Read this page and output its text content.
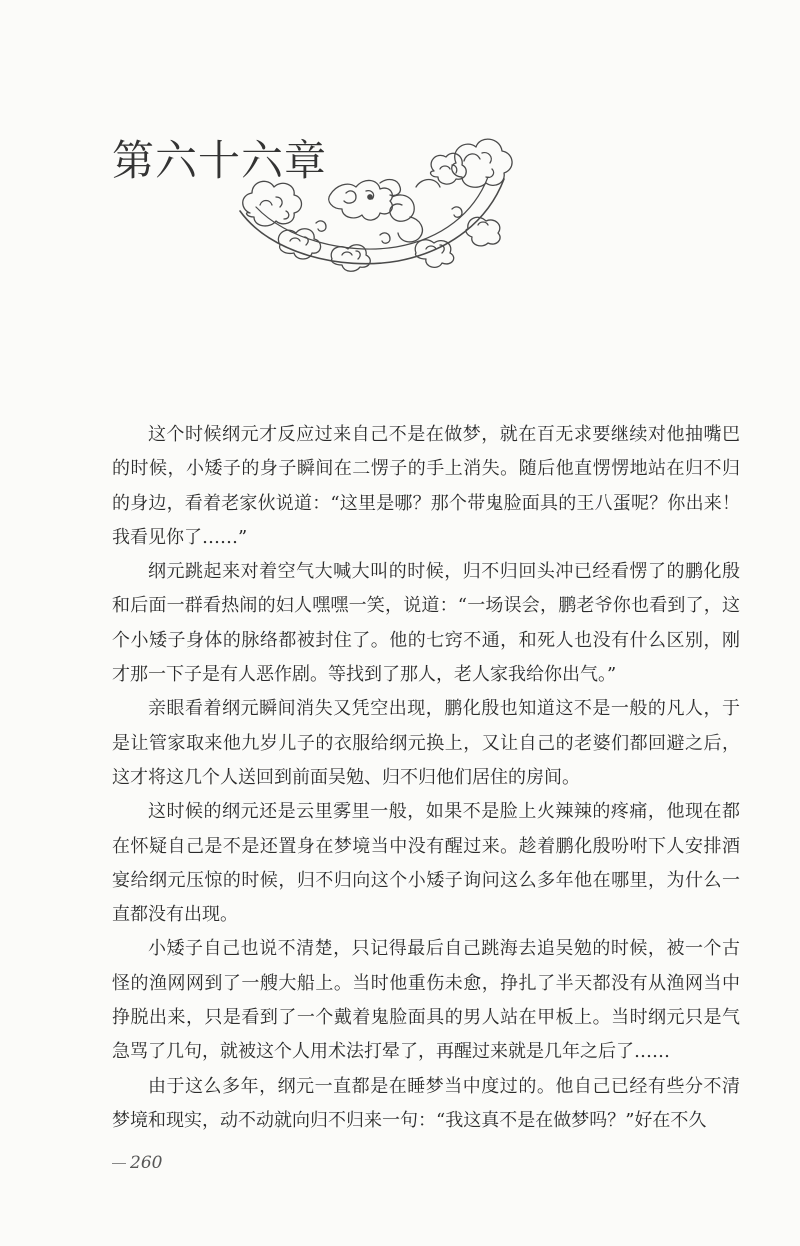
第六十六章

这个时候纲元才反应过来自己不是在做梦，就在百无求要继续对他抽嘴巴的时候，小矮子的身子瞬间在二愣子的手上消失。随后他直愣愣地站在归不归的身边，看着老家伙说道：“这里是哪？那个带鬼脸面具的王八蛋呢？你出来！我看见你了……”

纲元跳起来对着空气大喊大叫的时候，归不归回头冲已经看愣了的鹏化殷和后面一群看热闹的妇人嘿嘿一笑，说道：“一场误会，鹏老爷你也看到了，这个小矮子身体的脉络都被封住了。他的七窍不通，和死人也没有什么区别，刚才那一下子是有人恶作剧。等找到了那人，老人家我给你出气。”

亲眼看着纲元瞬间消失又凭空出现，鹏化殷也知道这不是一般的凡人，于是让管家取来他九岁儿子的衣服给纲元换上，又让自己的老婆们都回避之后，这才将这几个人送回到前面吴勉、归不归他们居住的房间。

这时候的纲元还是云里雾里一般，如果不是脸上火辣辣的疼痛，他现在都在怀疑自己是不是还置身在梦境当中没有醒过来。趁着鹏化殷吩咐下人安排酒宴给纲元压惊的时候，归不归向这个小矮子询问这么多年他在哪里，为什么一直都没有出现。

小矮子自己也说不清楚，只记得最后自己跳海去追吴勉的时候，被一个古怪的渔网网到了一艘大船上。当时他重伤未愈，挣扎了半天都没有从渔网当中挣脱出来，只是看到了一个戴着鬼脸面具的男人站在甲板上。当时纲元只是气急骂了几句，就被这个人用术法打晕了，再醒过来就是几年之后了……

由于这么多年，纲元一直都是在睡梦当中度过的。他自己已经有些分不清梦境和现实，动不动就向归不归来一句：“我这真不是在做梦吗？”好在不久

260
